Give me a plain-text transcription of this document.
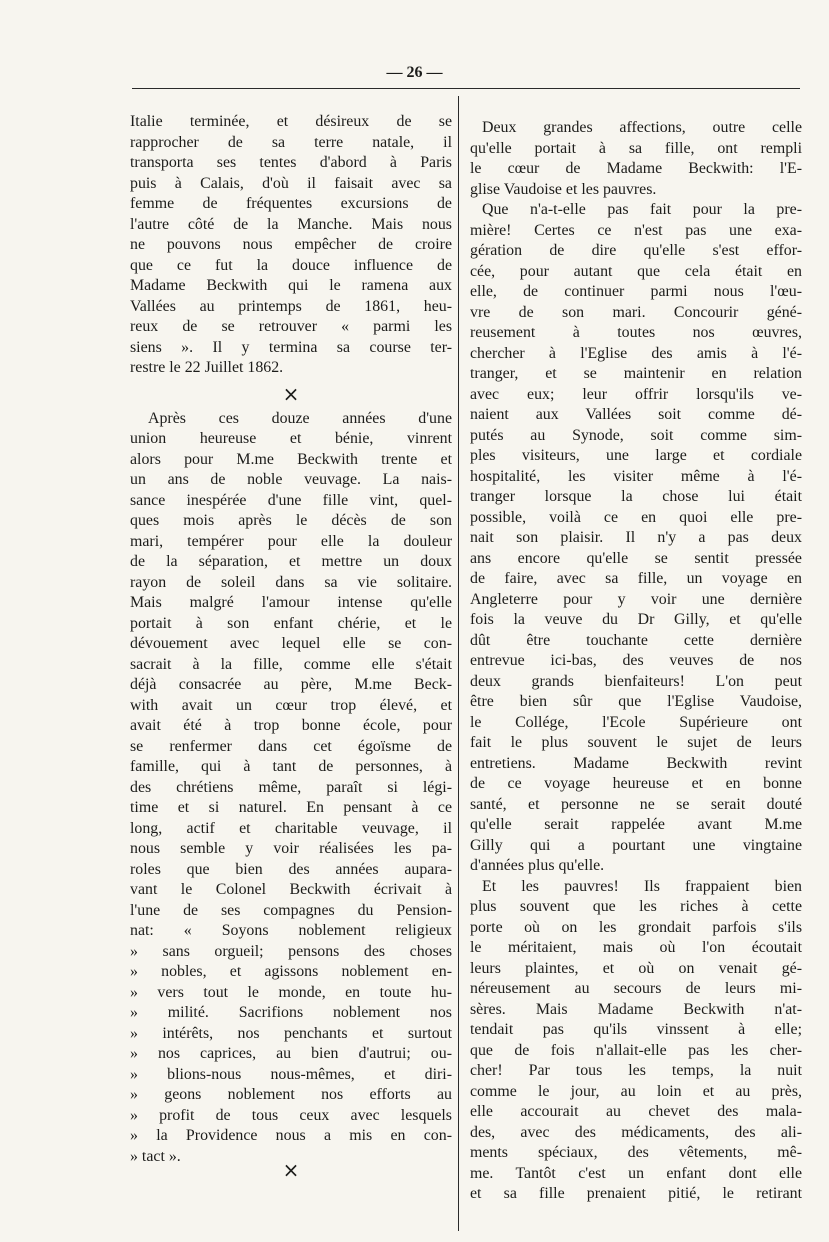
— 26 —
Italie terminée, et désireux de se
rapprocher de sa terre natale, il
transporta ses tentes d'abord à Paris
puis à Calais, d'où il faisait avec sa
femme de fréquentes excursions de
l'autre côté de la Manche. Mais nous
ne pouvons nous empêcher de croire
que ce fut la douce influence de
Madame Beckwith qui le ramena aux
Vallées au printemps de 1861, heu-
reux de se retrouver « parmi les
siens ». Il y termina sa course ter-
restre le 22 Juillet 1862.
×
Après ces douze années d'une
union heureuse et bénie, vinrent
alors pour M.me Beckwith trente et
un ans de noble veuvage. La nais-
sance inespérée d'une fille vint, quel-
ques mois après le décès de son
mari, tempérer pour elle la douleur
de la séparation, et mettre un doux
rayon de soleil dans sa vie solitaire.
Mais malgré l'amour intense qu'elle
portait à son enfant chérie, et le
dévouement avec lequel elle se con-
sacrait à la fille, comme elle s'était
déjà consacrée au père, M.me Beck-
with avait un cœur trop élevé, et
avait été à trop bonne école, pour
se renfermer dans cet égoïsme de
famille, qui à tant de personnes, à
des chrétiens même, paraît si légi-
time et si naturel. En pensant à ce
long, actif et charitable veuvage, il
nous semble y voir réalisées les pa-
roles que bien des années aupara-
vant le Colonel Beckwith écrivait à
l'une de ses compagnes du Pension-
nat: « Soyons noblement religieux
» sans orgueil; pensons des choses
» nobles, et agissons noblement en-
» vers tout le monde, en toute hu-
» milité. Sacrifions noblement nos
» intérêts, nos penchants et surtout
» nos caprices, au bien d'autrui; ou-
» blions-nous nous-mêmes, et diri-
» geons noblement nos efforts au
» profit de tous ceux avec lesquels
» la Providence nous a mis en con-
» tact ».
Deux grandes affections, outre celle
qu'elle portait à sa fille, ont rempli
le cœur de Madame Beckwith: l'E-
glise Vaudoise et les pauvres.
Que n'a-t-elle pas fait pour la pre-
mière! Certes ce n'est pas une exa-
gération de dire qu'elle s'est effor-
cée, pour autant que cela était en
elle, de continuer parmi nous l'œu-
vre de son mari. Concourir géné-
reusement à toutes nos œuvres,
chercher à l'Eglise des amis à l'é-
tranger, et se maintenir en relation
avec eux; leur offrir lorsqu'ils ve-
naient aux Vallées soit comme dé-
putés au Synode, soit comme sim-
ples visiteurs, une large et cordiale
hospitalité, les visiter même à l'é-
tranger lorsque la chose lui était
possible, voilà ce en quoi elle pre-
nait son plaisir. Il n'y a pas deux
ans encore qu'elle se sentit pressée
de faire, avec sa fille, un voyage en
Angleterre pour y voir une dernière
fois la veuve du Dr Gilly, et qu'elle
dût être touchante cette dernière
entrevue ici-bas, des veuves de nos
deux grands bienfaiteurs! L'on peut
être bien sûr que l'Eglise Vaudoise,
le Collége, l'Ecole Supérieure ont
fait le plus souvent le sujet de leurs
entretiens. Madame Beckwith revint
de ce voyage heureuse et en bonne
santé, et personne ne se serait douté
qu'elle serait rappelée avant M.me
Gilly qui a pourtant une vingtaine
d'années plus qu'elle.
Et les pauvres! Ils frappaient bien
plus souvent que les riches à cette
porte où on les grondait parfois s'ils
le méritaient, mais où l'on écoutait
leurs plaintes, et où on venait gé-
néreusement au secours de leurs mi-
sères. Mais Madame Beckwith n'at-
tendait pas qu'ils vinssent à elle;
que de fois n'allait-elle pas les cher-
cher! Par tous les temps, la nuit
comme le jour, au loin et au près,
elle accourait au chevet des mala-
des, avec des médicaments, des ali-
ments spéciaux, des vêtements, mê-
me. Tantôt c'est un enfant dont elle
et sa fille prenaient pitié, le retirant
×
